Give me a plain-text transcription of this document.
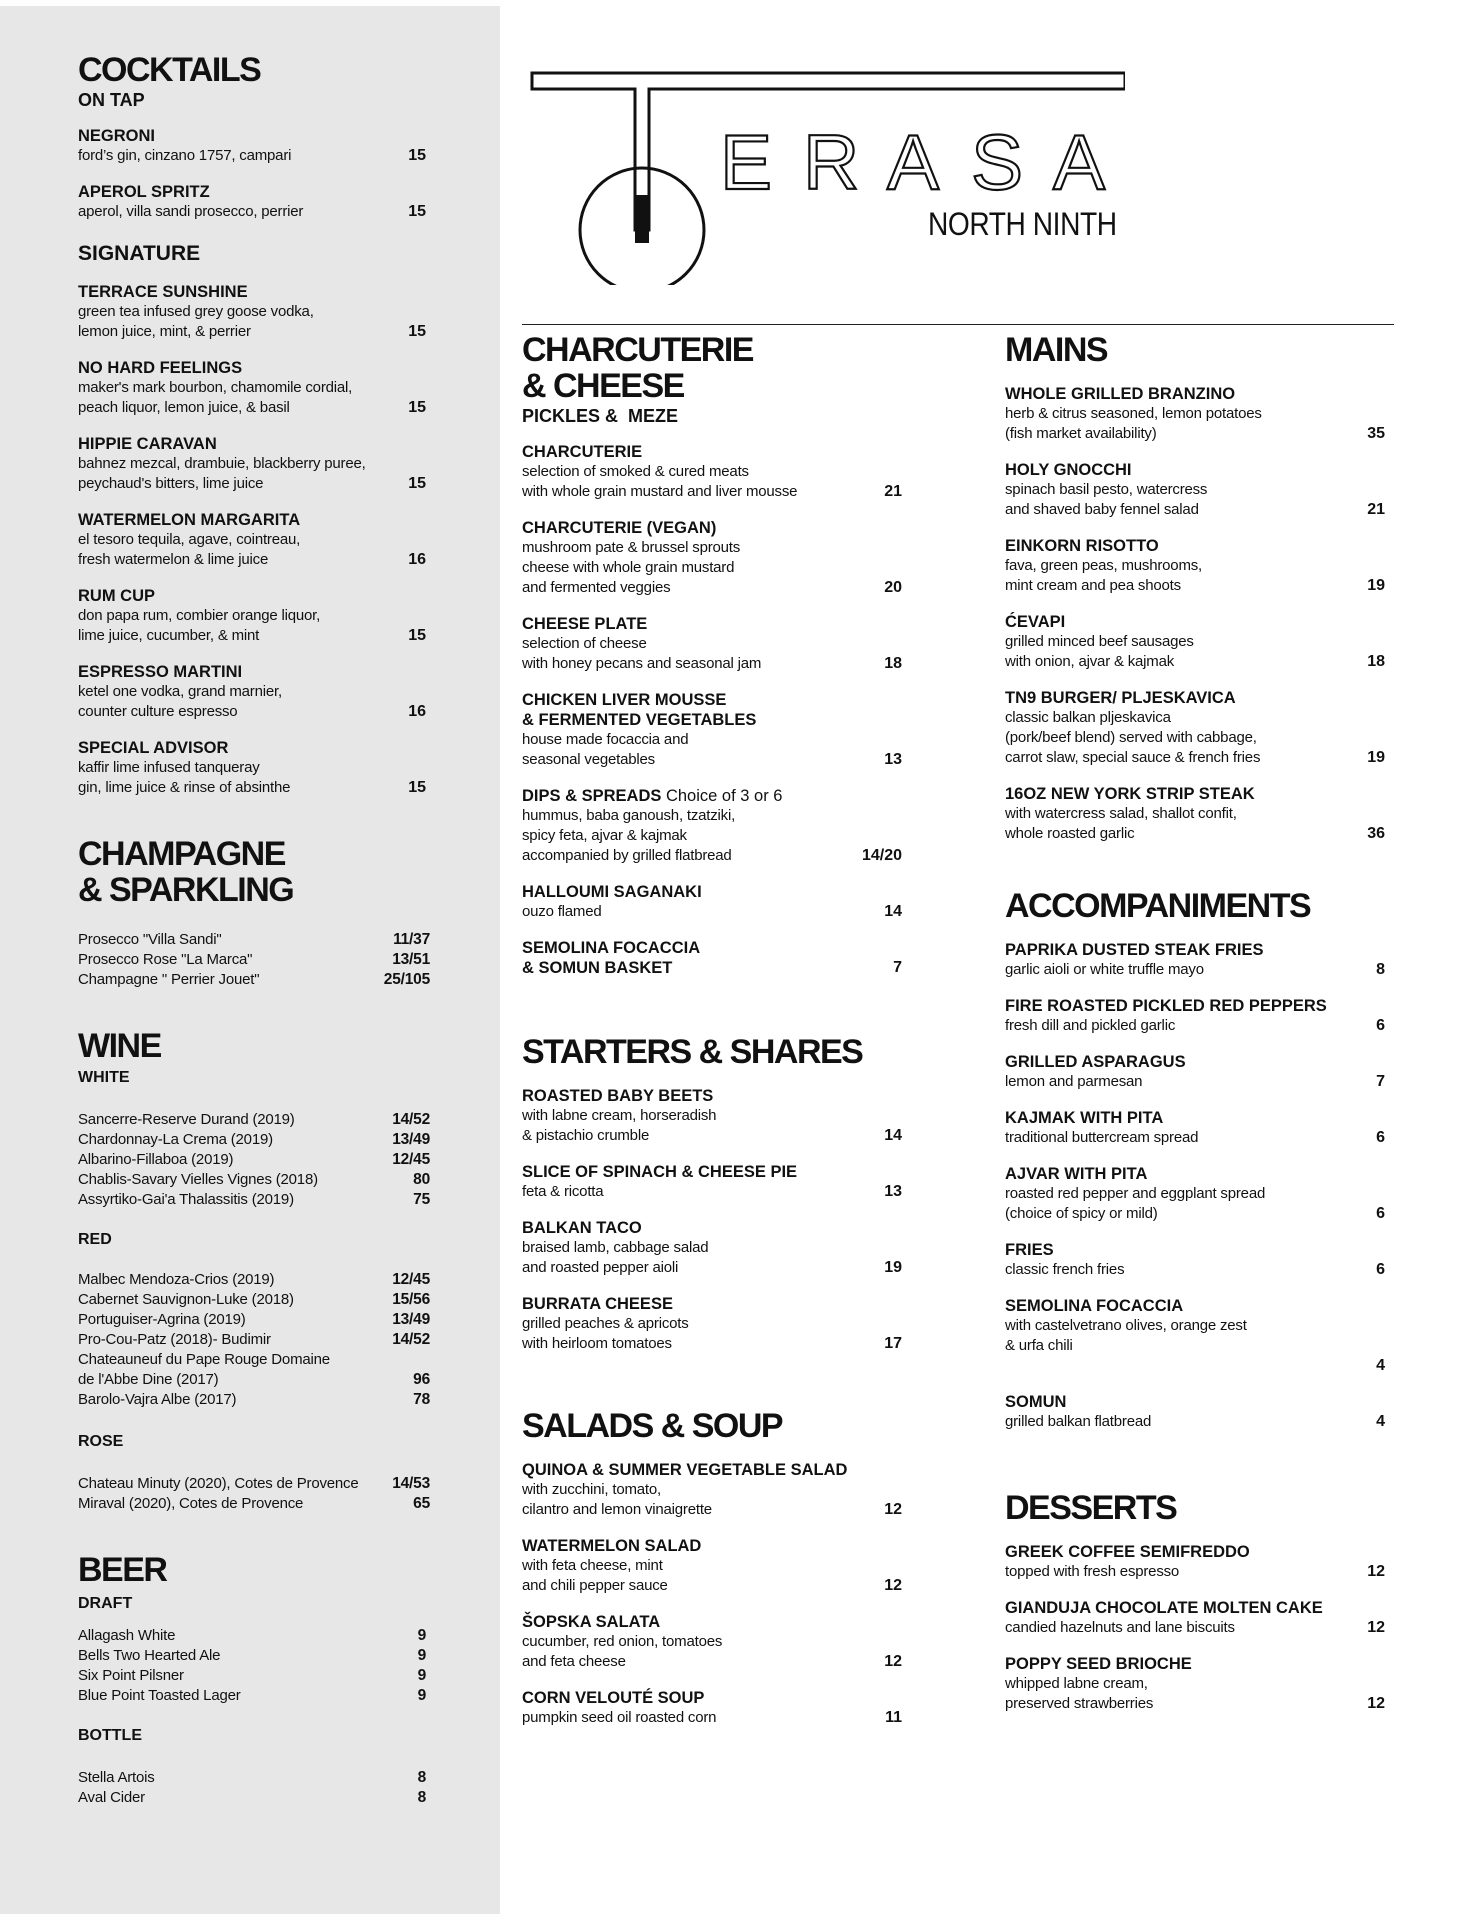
E R A S A
NORTH NINTH
COCKTAILS
ON TAP
NEGRONI
ford’s gin, cinzano 1757, campari	15
APEROL SPRITZ
aperol, villa sandi prosecco, perrier	15
SIGNATURE
TERRACE SUNSHINE
green tea infused grey goose vodka,
lemon juice, mint, & perrier	15
NO HARD FEELINGS
maker's mark bourbon, chamomile cordial,
peach liquor, lemon juice, & basil	15
HIPPIE CARAVAN
bahnez mezcal, drambuie, blackberry puree,
peychaud's bitters, lime juice	15
WATERMELON MARGARITA
el tesoro tequila, agave, cointreau,
fresh watermelon & lime juice	16
RUM CUP
don papa rum, combier orange liquor,
lime juice, cucumber, & mint	15
ESPRESSO MARTINI
ketel one vodka, grand marnier,
counter culture espresso	16
SPECIAL ADVISOR
kaffir lime infused tanqueray
gin, lime juice & rinse of absinthe	15
CHAMPAGNE
& SPARKLING
Prosecco "Villa Sandi"	11/37
Prosecco Rose "La Marca"	13/51
Champagne " Perrier Jouet"	25/105
WINE
WHITE
Sancerre-Reserve Durand (2019)	14/52
Chardonnay-La Crema (2019)	13/49
Albarino-Fillaboa (2019)	12/45
Chablis-Savary Vielles Vignes (2018)	80
Assyrtiko-Gai'a Thalassitis (2019)	75
RED
Malbec Mendoza-Crios (2019)	12/45
Cabernet Sauvignon-Luke (2018)	15/56
Portuguiser-Agrina (2019)	13/49
Pro-Cou-Patz (2018)- Budimir	14/52
Chateauneuf du Pape Rouge Domaine
de l'Abbe Dine (2017)	96
Barolo-Vajra Albe (2017)	78
ROSE
Chateau Minuty (2020), Cotes de Provence 14/53
Miraval (2020), Cotes de Provence	65
BEER
DRAFT
Allagash White	9
Bells Two Hearted Ale	9
Six Point Pilsner	9
Blue Point Toasted Lager	9
BOTTLE
Stella Artois	8
Aval Cider	8
CHARCUTERIE
& CHEESE
PICKLES &  MEZE
CHARCUTERIE
selection of smoked & cured meats
with whole grain mustard and liver mousse	21
CHARCUTERIE (VEGAN)
mushroom pate & brussel sprouts
cheese with whole grain mustard
and fermented veggies	20
CHEESE PLATE
selection of cheese
with honey pecans and seasonal jam	18
CHICKEN LIVER MOUSSE
& FERMENTED VEGETABLES
house made focaccia and
seasonal vegetables	13
DIPS & SPREADS Choice of 3 or 6
hummus, baba ganoush, tzatziki,
spicy feta, ajvar & kajmak
accompanied by grilled flatbread	14/20
HALLOUMI SAGANAKI
ouzo flamed	14
SEMOLINA FOCACCIA
& SOMUN BASKET	7
STARTERS & SHARES
ROASTED BABY BEETS
with labne cream, horseradish
& pistachio crumble	14
SLICE OF SPINACH & CHEESE PIE
feta & ricotta	13
BALKAN TACO
braised lamb, cabbage salad
and roasted pepper aioli	19
BURRATA CHEESE
grilled peaches & apricots
with heirloom tomatoes	17
SALADS & SOUP
QUINOA & SUMMER VEGETABLE SALAD
with zucchini, tomato,
cilantro and lemon vinaigrette	12
WATERMELON SALAD
with feta cheese, mint
and chili pepper sauce	12
ŠOPSKA SALATA
cucumber, red onion, tomatoes
and feta cheese	12
CORN VELOUTÉ SOUP
pumpkin seed oil roasted corn	11
MAINS
WHOLE GRILLED BRANZINO
herb & citrus seasoned, lemon potatoes
(fish market availability)	35
HOLY GNOCCHI
spinach basil pesto, watercress
and shaved baby fennel salad	21
EINKORN RISOTTO
fava, green peas, mushrooms,
mint cream and pea shoots	19
ĆEVAPI
grilled minced beef sausages
with onion, ajvar & kajmak	18
TN9 BURGER/ PLJESKAVICA
classic balkan pljeskavica
(pork/beef blend) served with cabbage,
carrot slaw, special sauce & french fries	19
16OZ NEW YORK STRIP STEAK
with watercress salad, shallot confit,
whole roasted garlic	36
ACCOMPANIMENTS
PAPRIKA DUSTED STEAK FRIES
garlic aioli or white truffle mayo	8
FIRE ROASTED PICKLED RED PEPPERS
fresh dill and pickled garlic	6
GRILLED ASPARAGUS
lemon and parmesan	7
KAJMAK WITH PITA
traditional buttercream spread	6
AJVAR WITH PITA
roasted red pepper and eggplant spread
(choice of spicy or mild)	6
FRIES
classic french fries	6
SEMOLINA FOCACCIA
with castelvetrano olives, orange zest
& urfa chili
4
SOMUN
grilled balkan flatbread	4
DESSERTS
GREEK COFFEE SEMIFREDDO
topped with fresh espresso	12
GIANDUJA CHOCOLATE MOLTEN CAKE
candied hazelnuts and lane biscuits	12
POPPY SEED BRIOCHE
whipped labne cream,
preserved strawberries	12
